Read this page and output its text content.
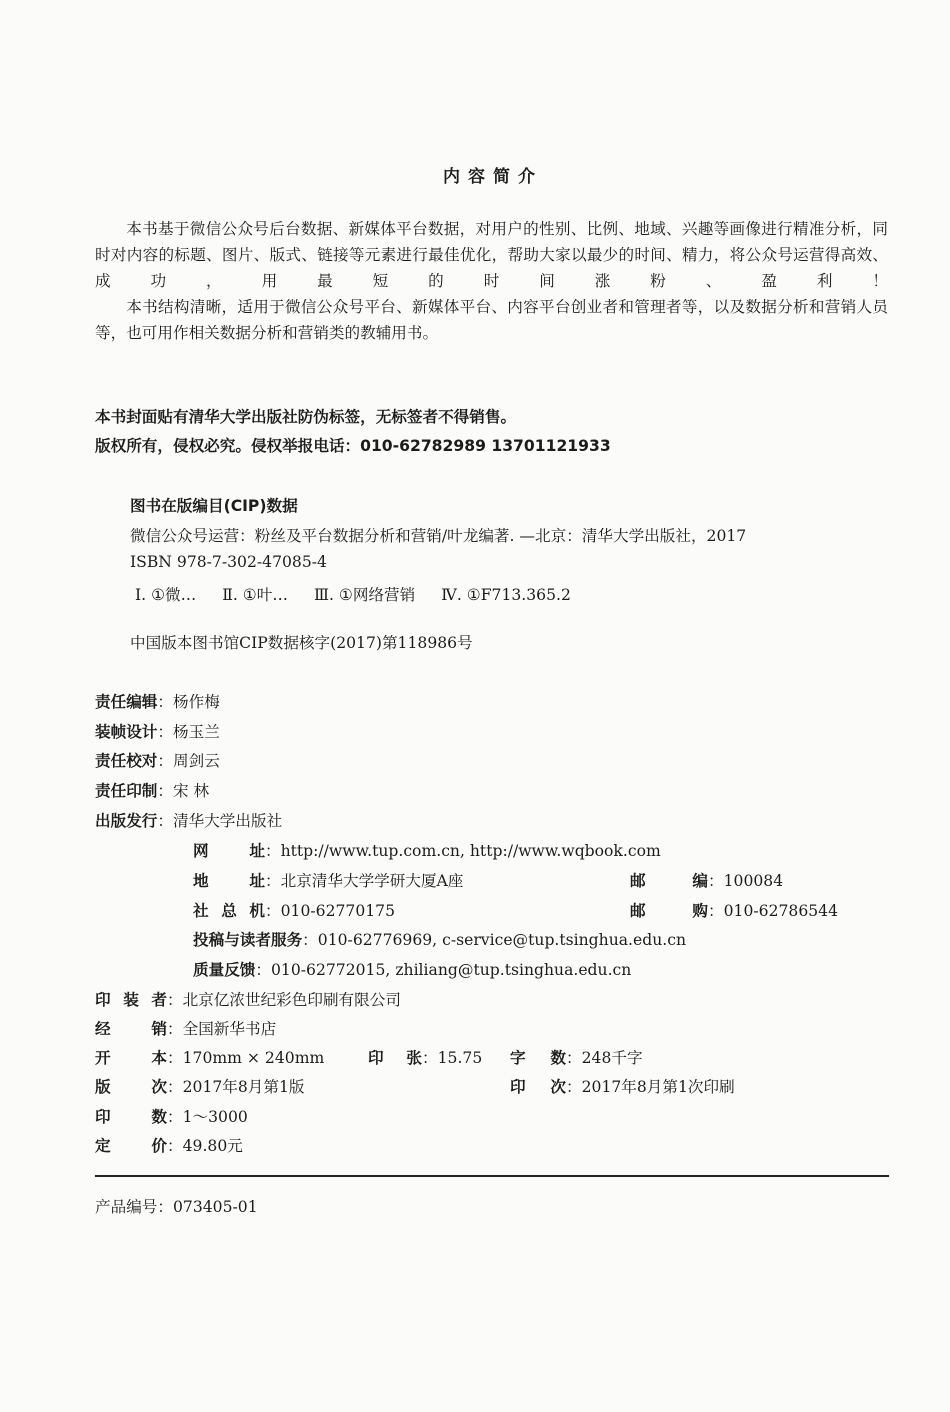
内容简介

本书基于微信公众号后台数据、新媒体平台数据，对用户的性别、比例、地域、兴趣等画像进行精准分析，同时对内容的标题、图片、版式、链接等元素进行最佳优化，帮助大家以最少的时间、精力，将公众号运营得高效、成功，用最短的时间涨粉、盈利！

本书结构清晰，适用于微信公众号平台、新媒体平台、内容平台创业者和管理者等，以及数据分析和营销人员等，也可用作相关数据分析和营销类的教辅用书。

本书封面贴有清华大学出版社防伪标签，无标签者不得销售。
版权所有，侵权必究。侵权举报电话：010-62782989 13701121933
图书在版编目(CIP)数据
微信公众号运营：粉丝及平台数据分析和营销/叶龙编著. —北京：清华大学出版社，2017
ISBN 978-7-302-47085-4
Ⅰ. ①微… Ⅱ. ①叶… Ⅲ. ①网络营销 Ⅳ. ①F713.365.2
中国版本图书馆CIP数据核字(2017)第118986号
责任编辑：杨作梅
装帧设计：杨玉兰
责任校对：周剑云
责任印制：宋 林
出版发行：清华大学出版社
网 址：http://www.tup.com.cn, http://www.wqbook.com
地 址：北京清华大学学研大厦A座	邮 编：100084
社 总 机：010-62770175	邮 购：010-62786544
投稿与读者服务：010-62776969, c-service@tup.tsinghua.edu.cn
质量反馈：010-62772015, zhiliang@tup.tsinghua.edu.cn
印装者：北京亿浓世纪彩色印刷有限公司
经销：全国新华书店
开本：170mm × 240mm	印张：15.75 字数：248千字
版次：2017年8月第1版	印次：2017年8月第1次印刷
印数：1～3000
定价：49.80元
产品编号：073405-01
